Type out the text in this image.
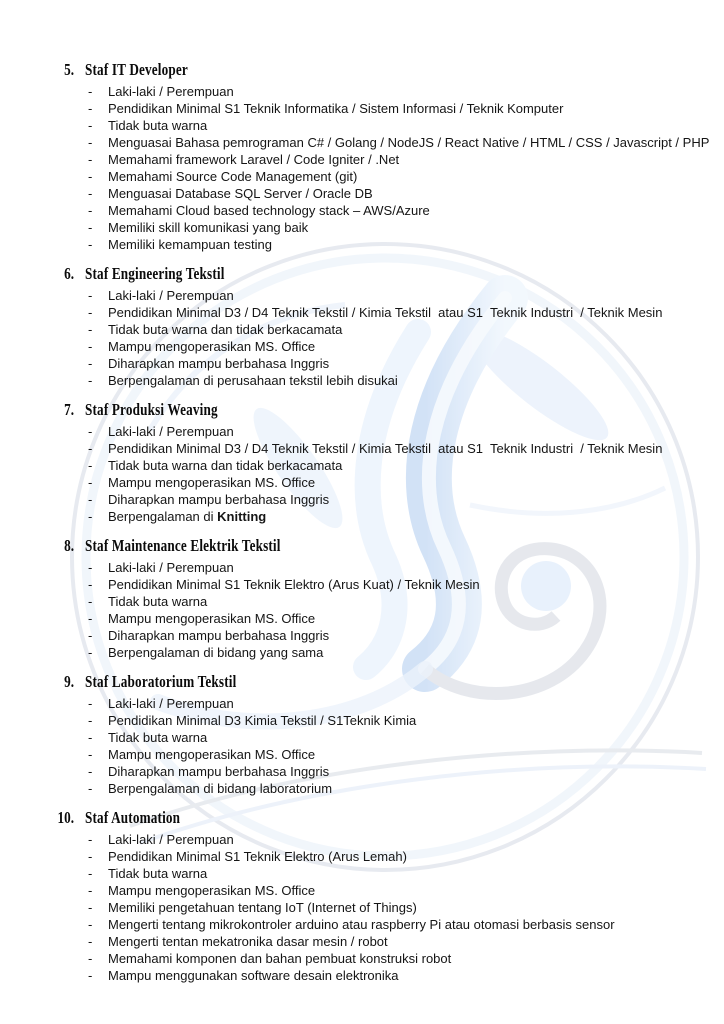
5. Staf IT Developer
-	Laki-laki / Perempuan
-	Pendidikan Minimal S1 Teknik Informatika / Sistem Informasi / Teknik Komputer
-	Tidak buta warna
-	Menguasai Bahasa pemrograman C# / Golang / NodeJS / React Native / HTML / CSS / Javascript / PHP
-	Memahami framework Laravel / Code Igniter / .Net
-	Memahami Source Code Management (git)
-	Menguasai Database SQL Server / Oracle DB
-	Memahami Cloud based technology stack – AWS/Azure
-	Memiliki skill komunikasi yang baik
-	Memiliki kemampuan testing
6. Staf Engineering Tekstil
-	Laki-laki / Perempuan
-	Pendidikan Minimal D3 / D4 Teknik Tekstil / Kimia Tekstil  atau S1  Teknik Industri  / Teknik Mesin
-	Tidak buta warna dan tidak berkacamata
-	Mampu mengoperasikan MS. Office
-	Diharapkan mampu berbahasa Inggris
-	Berpengalaman di perusahaan tekstil lebih disukai
7. Staf Produksi Weaving
-	Laki-laki / Perempuan
-	Pendidikan Minimal D3 / D4 Teknik Tekstil / Kimia Tekstil  atau S1  Teknik Industri  / Teknik Mesin
-	Tidak buta warna dan tidak berkacamata
-	Mampu mengoperasikan MS. Office
-	Diharapkan mampu berbahasa Inggris
-	Berpengalaman di Knitting
8. Staf Maintenance Elektrik Tekstil
-	Laki-laki / Perempuan
-	Pendidikan Minimal S1 Teknik Elektro (Arus Kuat) / Teknik Mesin
-	Tidak buta warna
-	Mampu mengoperasikan MS. Office
-	Diharapkan mampu berbahasa Inggris
-	Berpengalaman di bidang yang sama
9. Staf Laboratorium Tekstil
-	Laki-laki / Perempuan
-	Pendidikan Minimal D3 Kimia Tekstil / S1Teknik Kimia
-	Tidak buta warna
-	Mampu mengoperasikan MS. Office
-	Diharapkan mampu berbahasa Inggris
-	Berpengalaman di bidang laboratorium
10. Staf Automation
-	Laki-laki / Perempuan
-	Pendidikan Minimal S1 Teknik Elektro (Arus Lemah)
-	Tidak buta warna
-	Mampu mengoperasikan MS. Office
-	Memiliki pengetahuan tentang IoT (Internet of Things)
-	Mengerti tentang mikrokontroler arduino atau raspberry Pi atau otomasi berbasis sensor
-	Mengerti tentan mekatronika dasar mesin / robot
-	Memahami komponen dan bahan pembuat konstruksi robot
-	Mampu menggunakan software desain elektronika
